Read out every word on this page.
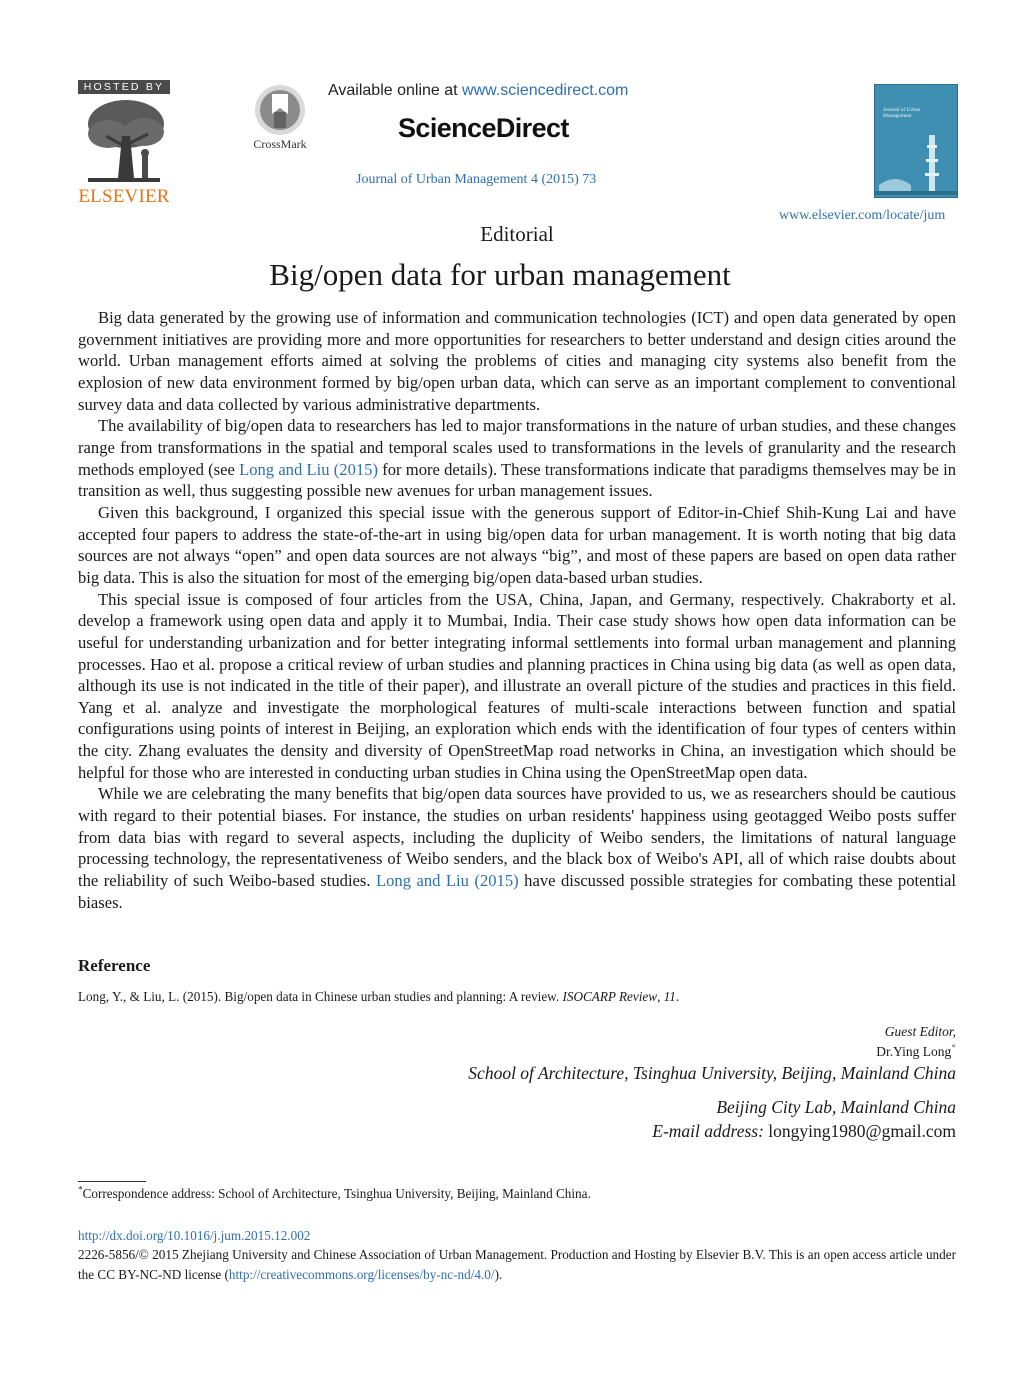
HOSTED BY
ELSEVIER
CrossMark
Available online at www.sciencedirect.com
ScienceDirect
Journal of Urban Management 4 (2015) 73
Journal of Urban Management
www.elsevier.com/locate/jum
Editorial
Big/open data for urban management

Big data generated by the growing use of information and communication technologies (ICT) and open data generated by open government initiatives are providing more and more opportunities for researchers to better understand and design cities around the world. Urban management efforts aimed at solving the problems of cities and managing city systems also benefit from the explosion of new data environment formed by big/open urban data, which can serve as an important complement to conventional survey data and data collected by various administrative departments.

The availability of big/open data to researchers has led to major transformations in the nature of urban studies, and these changes range from transformations in the spatial and temporal scales used to transformations in the levels of granularity and the research methods employed (see Long and Liu (2015) for more details). These transformations indicate that paradigms themselves may be in transition as well, thus suggesting possible new avenues for urban management issues.

Given this background, I organized this special issue with the generous support of Editor-in-Chief Shih-Kung Lai and have accepted four papers to address the state-of-the-art in using big/open data for urban management. It is worth noting that big data sources are not always “open” and open data sources are not always “big”, and most of these papers are based on open data rather big data. This is also the situation for most of the emerging big/open data-based urban studies.

This special issue is composed of four articles from the USA, China, Japan, and Germany, respectively. Chakraborty et al. develop a framework using open data and apply it to Mumbai, India. Their case study shows how open data information can be useful for understanding urbanization and for better integrating informal settlements into formal urban management and planning processes. Hao et al. propose a critical review of urban studies and planning practices in China using big data (as well as open data, although its use is not indicated in the title of their paper), and illustrate an overall picture of the studies and practices in this field. Yang et al. analyze and investigate the morphological features of multi-scale interactions between function and spatial configurations using points of interest in Beijing, an exploration which ends with the identification of four types of centers within the city. Zhang evaluates the density and diversity of OpenStreetMap road networks in China, an investigation which should be helpful for those who are interested in conducting urban studies in China using the OpenStreetMap open data.

While we are celebrating the many benefits that big/open data sources have provided to us, we as researchers should be cautious with regard to their potential biases. For instance, the studies on urban residents' happiness using geotagged Weibo posts suffer from data bias with regard to several aspects, including the duplicity of Weibo senders, the limitations of natural language processing technology, the representativeness of Weibo senders, and the black box of Weibo's API, all of which raise doubts about the reliability of such Weibo-based studies. Long and Liu (2015) have discussed possible strategies for combating these potential biases.

Reference
Long, Y., & Liu, L. (2015). Big/open data in Chinese urban studies and planning: A review. ISOCARP Review, 11.
Guest Editor,
Dr.Ying Long*
School of Architecture, Tsinghua University, Beijing, Mainland China
Beijing City Lab, Mainland China
E-mail address: longying1980@gmail.com
*Correspondence address: School of Architecture, Tsinghua University, Beijing, Mainland China.
http://dx.doi.org/10.1016/j.jum.2015.12.002
2226-5856/© 2015 Zhejiang University and Chinese Association of Urban Management. Production and Hosting by Elsevier B.V. This is an open access article under the CC BY-NC-ND license (http://creativecommons.org/licenses/by-nc-nd/4.0/).
